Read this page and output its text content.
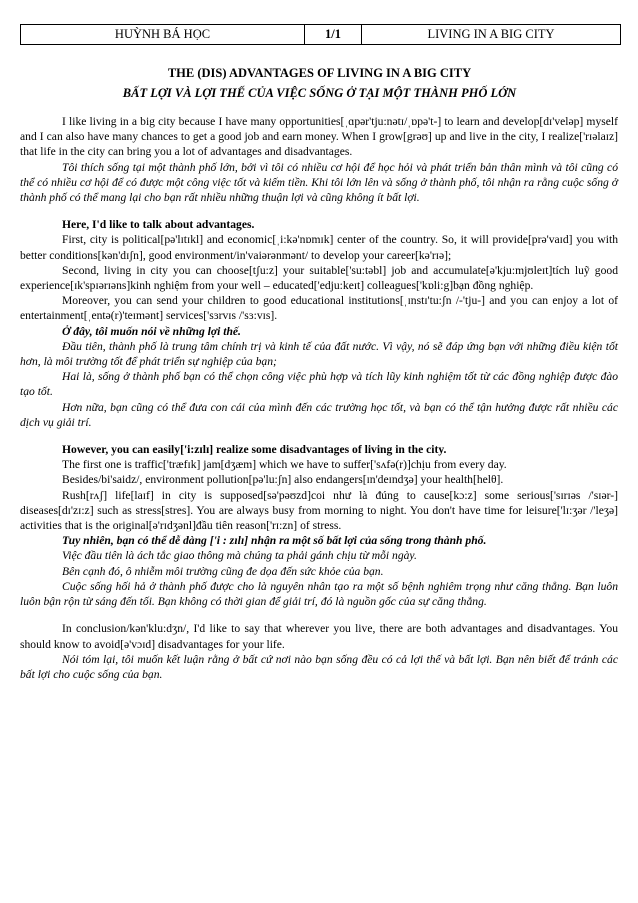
HUỲNH BÁ HỌC	1/1	LIVING IN A BIG CITY
THE (DIS) ADVANTAGES OF LIVING IN A BIG CITY
BẤT LỢI VÀ LỢI THẾ CỦA VIỆC SỐNG Ở TẠI MỘT THÀNH PHỐ LỚN

I like living in a big city because I have many opportunities[ˌɑpər'tju:nətɪ/ˌɒpə't-] to learn and develop[dɪ'veləp] myself and I can also have many chances to get a good job and earn money. When I grow[grəʊ] up and live in the city, I realize['rɪəlaɪz] that life in the city can bring you a lot of advantages and disadvantages.

Tôi thích sống tại một thành phố lớn, bởi vì tôi có nhiều cơ hội để học hỏi và phát triển bản thân mình và tôi cũng có thể có nhiều cơ hội để có được một công việc tốt và kiếm tiền. Khi tôi lớn lên và sống ở thành phố, tôi nhận ra rằng cuộc sống ở thành phố có thể mang lại cho bạn rất nhiều những thuận lợi và cũng không ít bất lợi.

Here, I'd like to talk about advantages.

First, city is political[pə'lɪtɪkl] and economic[ˌi:kə'nɒmɪk] center of the country. So, it will provide[prə'vaɪd] you with better conditions[kən'dɪʃn], good environment/in'vaiərənmənt/ to develop your career[kə'rɪə];

Second, living in city you can choose[tʃu:z] your suitable['su:təbl] job and accumulate[ə'kju:mjʊleɪt]tích luỹ good experience[ɪk'spɪərɪəns]kinh nghiệm from your well – educated['edju:keɪt] colleagues['kɒli:g]bạn đồng nghiệp.

Moreover, you can send your children to good educational institutions[ˌɪnstɪ'tu:ʃn /-'tju-] and you can enjoy a lot of entertainment[ˌentə(r)'teɪmənt] services['sɜrvɪs /'sɜ:vɪs].

Ở đây, tôi muốn nói về những lợi thế.

Đầu tiên, thành phố là trung tâm chính trị và kinh tế của đất nước. Vì vậy, nó sẽ đáp ứng bạn với những điều kiện tốt hơn, là môi trường tốt để phát triển sự nghiệp của bạn;

Hai là, sống ở thành phố bạn có thể chọn công việc phù hợp và tích lũy kinh nghiệm tốt từ các đồng nghiệp được đào tạo tốt.

Hơn nữa, bạn cũng có thể đưa con cái của mình đến các trường học tốt, và bạn có thể tận hưởng được rất nhiều các dịch vụ giải trí.

However, you can easily['i:zɪlɪ] realize some disadvantages of living in the city.

The first one is traffic['træfɪk] jam[dʒæm] which we have to suffer['sʌfə(r)]chịu from every day.

Besides/bi'saidz/, environment pollution[pə'lu:ʃn] also endangers[ɪn'deɪndʒə] your health[helθ].

Rush[rʌʃ] life[laɪf] in city is supposed[sə'pəʊzd]coi như là đúng to cause[kɔ:z] some serious['sɪrɪəs /'sɪər-] diseases[dɪ'zɪ:z] such as stress[stres]. You are always busy from morning to night. You don't have time for leisure['lɪ:ʒər /'leʒə] activities that is the original[ə'rɪdʒənl]đầu tiên reason['rɪ:zn] of stress.

Tuy nhiên, bạn có thể dễ dàng ['i : zɪlɪ] nhận ra một số bất lợi của sống trong thành phố.

Việc đầu tiên là ách tắc giao thông mà chúng ta phải gánh chịu từ mỗi ngày.

Bên cạnh đó, ô nhiễm môi trường cũng đe dọa đến sức khỏe của bạn.

Cuộc sống hối hả ở thành phố được cho là nguyên nhân tạo ra một số bệnh nghiêm trọng như căng thẳng. Bạn luôn luôn bận rộn từ sáng đến tối. Bạn không có thời gian để giải trí, đó là nguồn gốc của sự căng thẳng.

In conclusion/kən'klu:dʒn/, I'd like to say that wherever you live, there are both advantages and disadvantages. You should know to avoid[ə'vɔɪd] disadvantages for your life.

Nói tóm lại, tôi muốn kết luận rằng ở bất cứ nơi nào bạn sống đều có cả lợi thế và bất lợi. Bạn nên biết để tránh các bất lợi cho cuộc sống của bạn.
